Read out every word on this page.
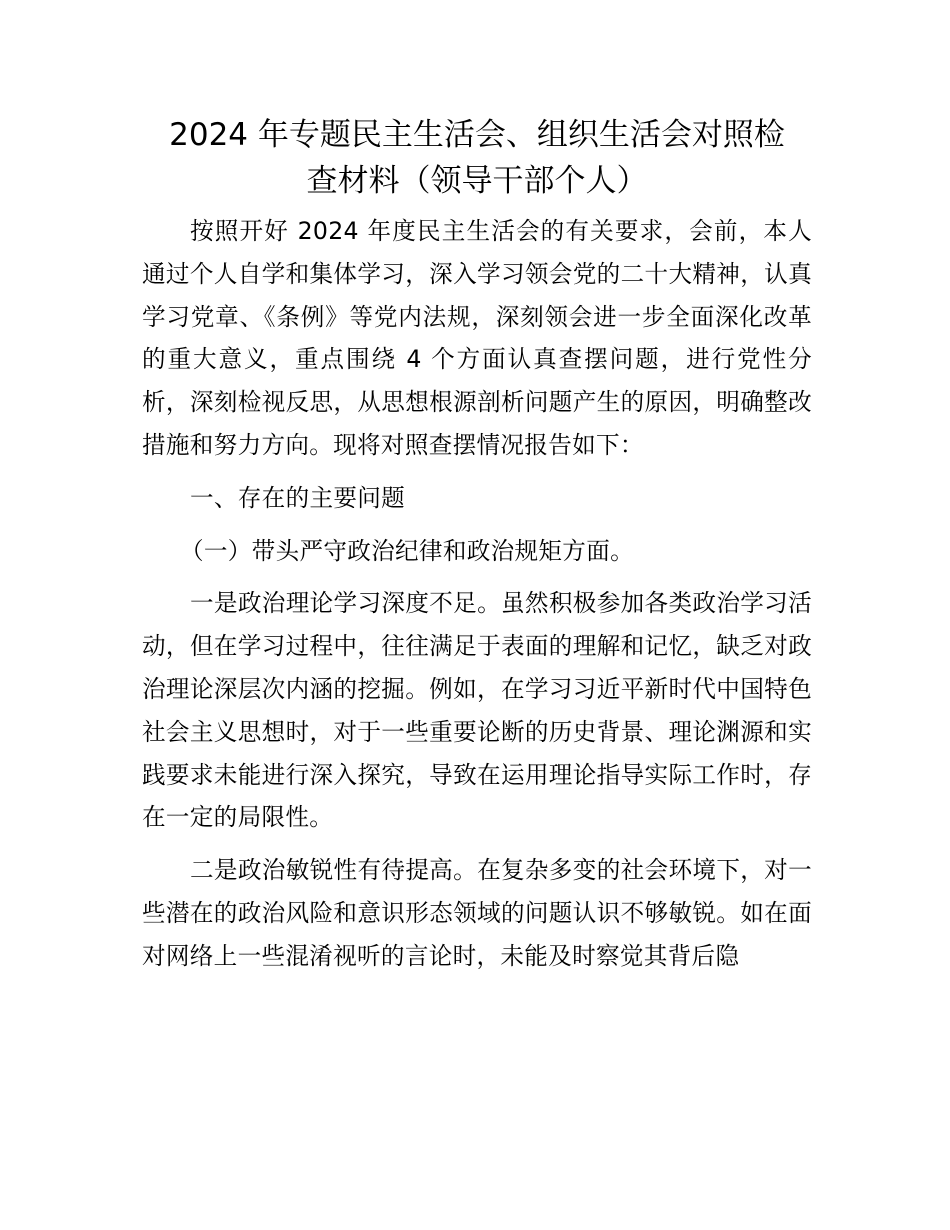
2024 年专题民主生活会、组织生活会对照检
查材料（领导干部个人）

按照开好 2024 年度民主生活会的有关要求，会前，本人通过个人自学和集体学习，深入学习领会党的二十大精神，认真学习党章、《条例》等党内法规，深刻领会进一步全面深化改革的重大意义，重点围绕 4 个方面认真查摆问题，进行党性分析，深刻检视反思，从思想根源剖析问题产生的原因，明确整改措施和努力方向。现将对照查摆情况报告如下：

一、存在的主要问题

（一）带头严守政治纪律和政治规矩方面。

一是政治理论学习深度不足。虽然积极参加各类政治学习活动，但在学习过程中，往往满足于表面的理解和记忆，缺乏对政治理论深层次内涵的挖掘。例如，在学习习近平新时代中国特色社会主义思想时，对于一些重要论断的历史背景、理论渊源和实践要求未能进行深入探究，导致在运用理论指导实际工作时，存在一定的局限性。

二是政治敏锐性有待提高。在复杂多变的社会环境下，对一些潜在的政治风险和意识形态领域的问题认识不够敏锐。如在面对网络上一些混淆视听的言论时，未能及时察觉其背后隐
